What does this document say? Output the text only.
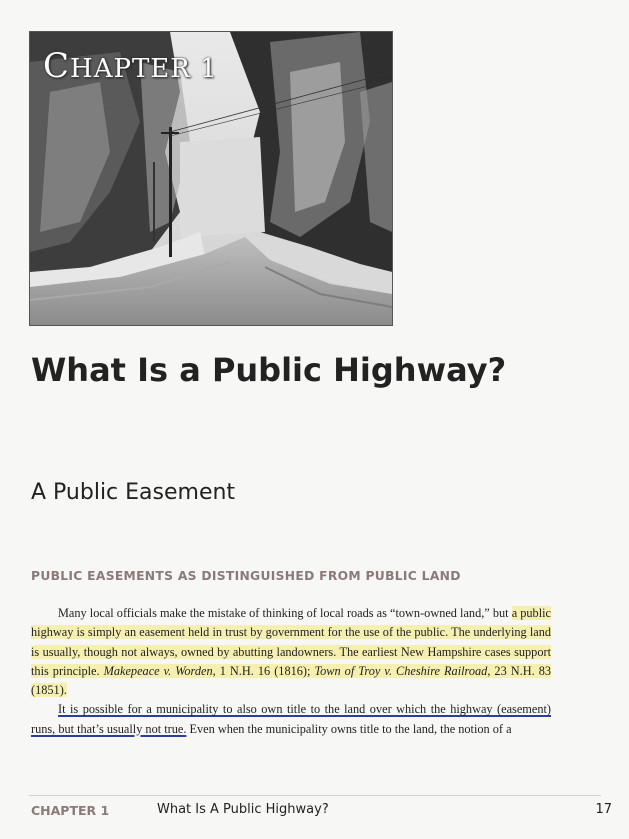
CHAPTER 1
What Is a Public Highway?
A Public Easement
PUBLIC EASEMENTS AS DISTINGUISHED FROM PUBLIC LAND

Many local officials make the mistake of thinking of local roads as “town-owned land,” but a public highway is simply an easement held in trust by government for the use of the public. The underlying land is usually, though not always, owned by abutting landowners. The earliest New Hampshire cases support this principle. Makepeace v. Worden, 1 N.H. 16 (1816); Town of Troy v. Cheshire Railroad, 23 N.H. 83 (1851).

It is possible for a municipality to also own title to the land over which the highway (easement) runs, but that’s usually not true. Even when the municipality owns title to the land, the notion of a

CHAPTER 1	What Is A Public Highway?	17
